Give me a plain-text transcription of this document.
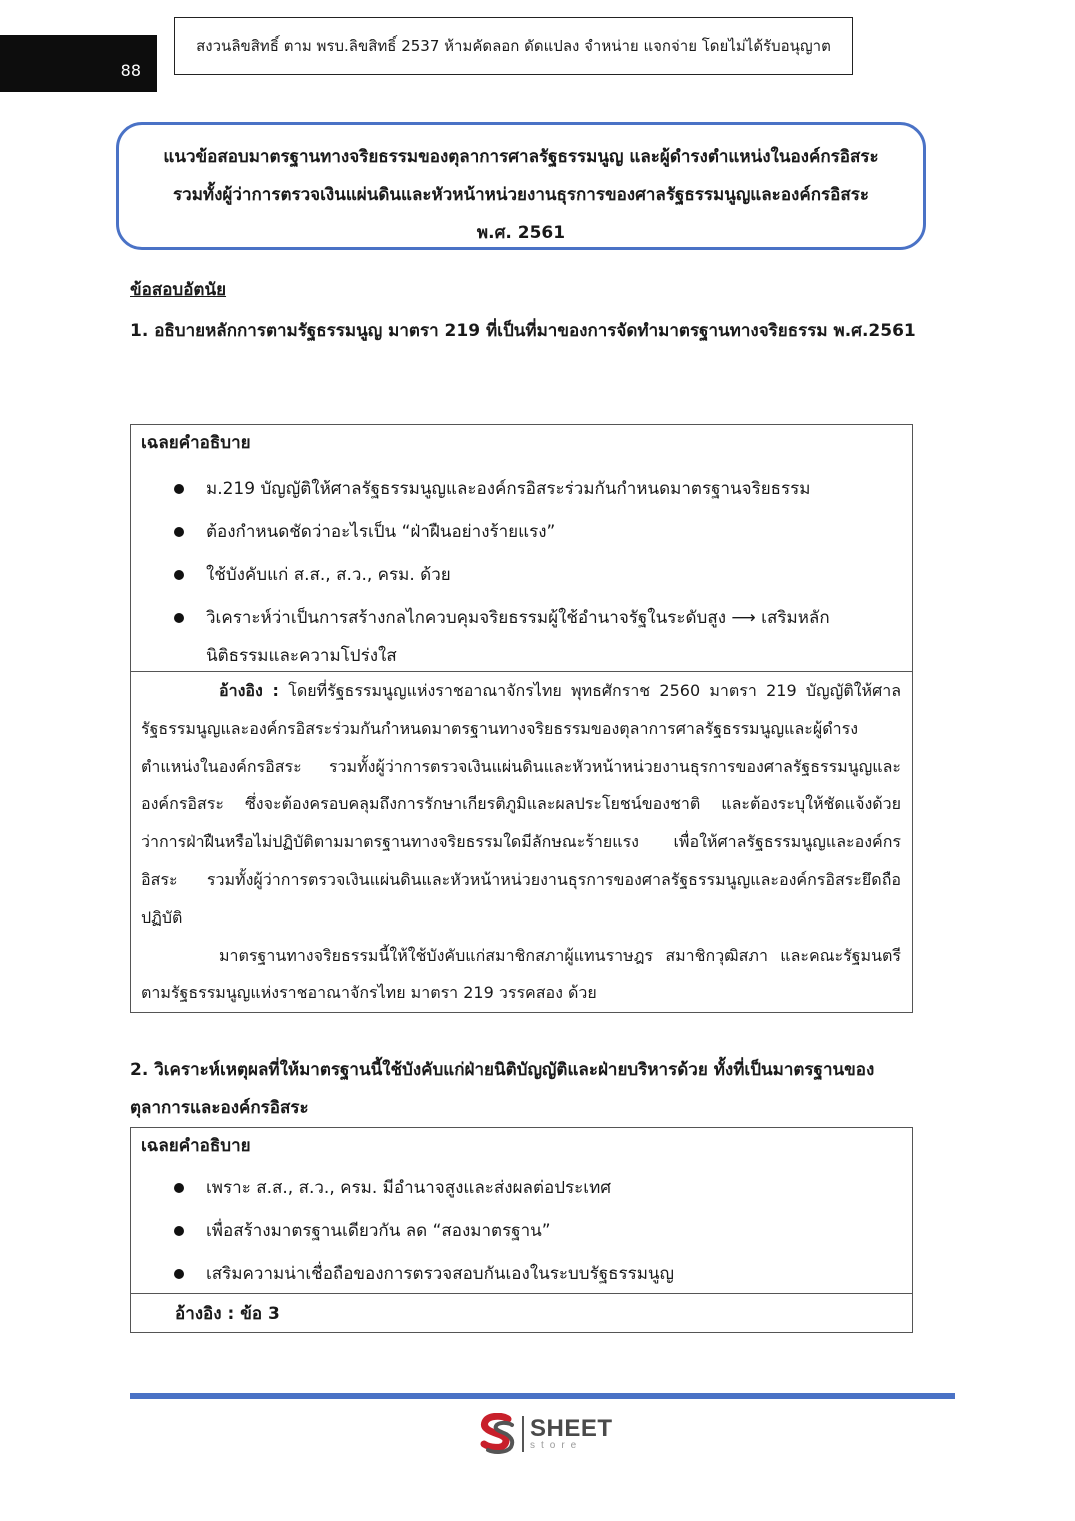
88
สงวนลิขสิทธิ์ ตาม พรบ.ลิขสิทธิ์ 2537 ห้ามคัดลอก ดัดแปลง จำหน่าย แจกจ่าย โดยไม่ได้รับอนุญาต
แนวข้อสอบมาตรฐานทางจริยธรรมของตุลาการศาลรัฐธรรมนูญ และผู้ดำรงตำแหน่งในองค์กรอิสระ
รวมทั้งผู้ว่าการตรวจเงินแผ่นดินและหัวหน้าหน่วยงานธุรการของศาลรัฐธรรมนูญและองค์กรอิสระ
พ.ศ. 2561
ข้อสอบอัตนัย
1. อธิบายหลักการตามรัฐธรรมนูญ มาตรา 219 ที่เป็นที่มาของการจัดทำมาตรฐานทางจริยธรรม พ.ศ.2561
เฉลยคำอธิบาย
ม.219 บัญญัติให้ศาลรัฐธรรมนูญและองค์กรอิสระร่วมกันกำหนดมาตรฐานจริยธรรม
ต้องกำหนดชัดว่าอะไรเป็น “ฝ่าฝืนอย่างร้ายแรง”
ใช้บังคับแก่ ส.ส., ส.ว., ครม. ด้วย
วิเคราะห์ว่าเป็นการสร้างกลไกควบคุมจริยธรรมผู้ใช้อำนาจรัฐในระดับสูง ⟶ เสริมหลักนิติธรรมและความโปร่งใส

อ้างอิง : โดยที่รัฐธรรมนูญแห่งราชอาณาจักรไทย พุทธศักราช 2560 มาตรา 219 บัญญัติให้ศาลรัฐธรรมนูญและองค์กรอิสระร่วมกันกำหนดมาตรฐานทางจริยธรรมของตุลาการศาลรัฐธรรมนูญและผู้ดำรงตำแหน่งในองค์กรอิสระ รวมทั้งผู้ว่าการตรวจเงินแผ่นดินและหัวหน้าหน่วยงานธุรการของศาลรัฐธรรมนูญและองค์กรอิสระ ซึ่งจะต้องครอบคลุมถึงการรักษาเกียรติภูมิและผลประโยชน์ของชาติ และต้องระบุให้ชัดแจ้งด้วยว่าการฝ่าฝืนหรือไม่ปฏิบัติตามมาตรฐานทางจริยธรรมใดมีลักษณะร้ายแรง เพื่อให้ศาลรัฐธรรมนูญและองค์กรอิสระ รวมทั้งผู้ว่าการตรวจเงินแผ่นดินและหัวหน้าหน่วยงานธุรการของศาลรัฐธรรมนูญและองค์กรอิสระยึดถือปฏิบัติ

มาตรฐานทางจริยธรรมนี้ให้ใช้บังคับแก่สมาชิกสภาผู้แทนราษฎร สมาชิกวุฒิสภา และคณะรัฐมนตรีตามรัฐธรรมนูญแห่งราชอาณาจักรไทย มาตรา 219 วรรคสอง ด้วย

2. วิเคราะห์เหตุผลที่ให้มาตรฐานนี้ใช้บังคับแก่ฝ่ายนิติบัญญัติและฝ่ายบริหารด้วย ทั้งที่เป็นมาตรฐานของตุลาการและองค์กรอิสระ
เฉลยคำอธิบาย
เพราะ ส.ส., ส.ว., ครม. มีอำนาจสูงและส่งผลต่อประเทศ
เพื่อสร้างมาตรฐานเดียวกัน ลด “สองมาตรฐาน”
เสริมความน่าเชื่อถือของการตรวจสอบกันเองในระบบรัฐธรรมนูญ
อ้างอิง : ข้อ 3
SHEET
store
